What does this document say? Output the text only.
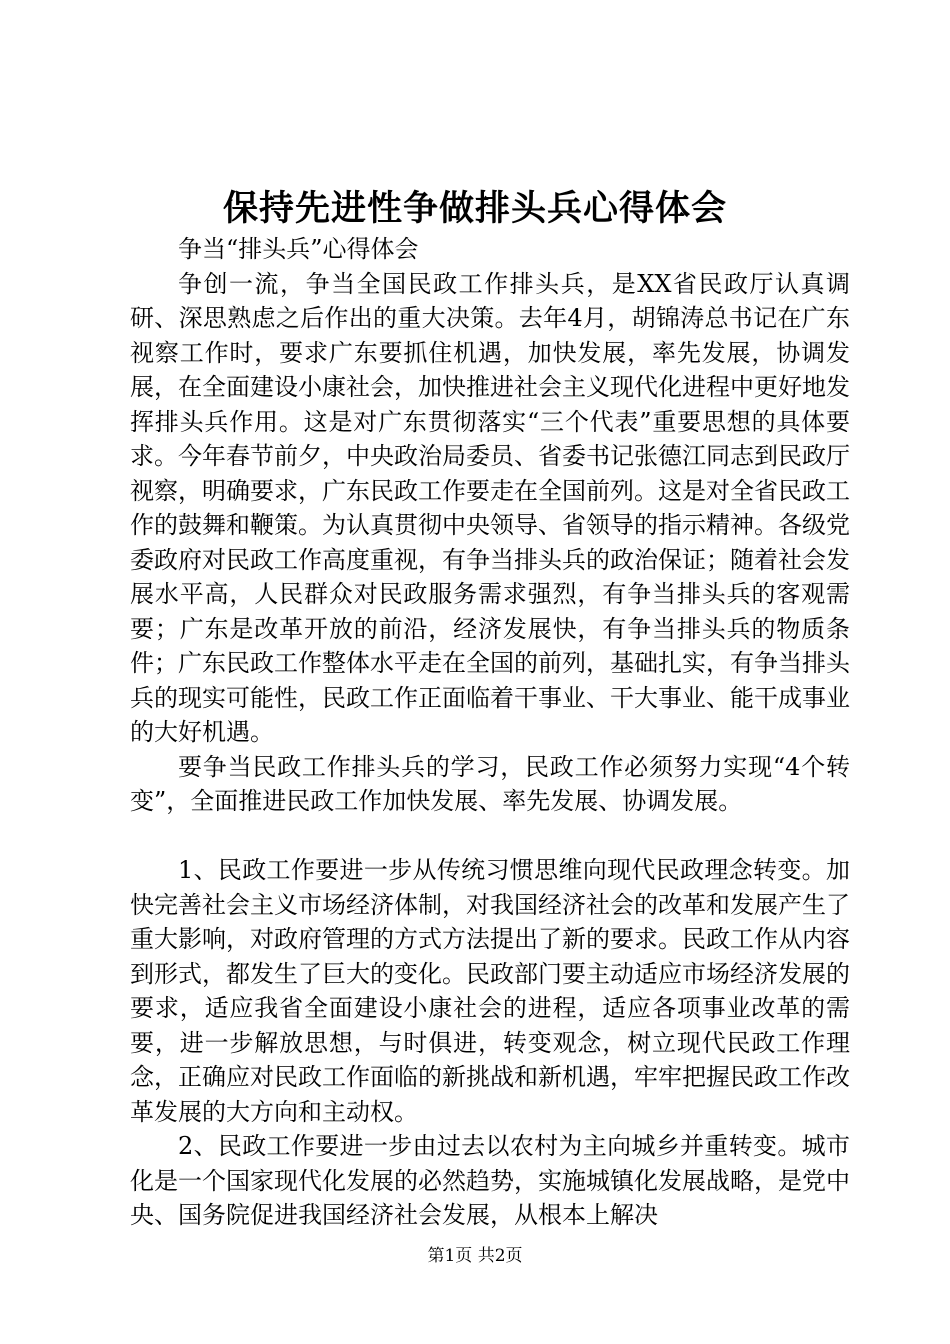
保持先进性争做排头兵心得体会

争当“排头兵”心得体会

争创一流，争当全国民政工作排头兵，是XX省民政厅认真调研、深思熟虑之后作出的重大决策。去年4月，胡锦涛总书记在广东视察工作时，要求广东要抓住机遇，加快发展，率先发展，协调发展，在全面建设小康社会，加快推进社会主义现代化进程中更好地发挥排头兵作用。这是对广东贯彻落实“三个代表”重要思想的具体要求。今年春节前夕，中央政治局委员、省委书记张德江同志到民政厅视察，明确要求，广东民政工作要走在全国前列。这是对全省民政工作的鼓舞和鞭策。为认真贯彻中央领导、省领导的指示精神。各级党委政府对民政工作高度重视，有争当排头兵的政治保证；随着社会发展水平高，人民群众对民政服务需求强烈，有争当排头兵的客观需要；广东是改革开放的前沿，经济发展快，有争当排头兵的物质条件；广东民政工作整体水平走在全国的前列，基础扎实，有争当排头兵的现实可能性，民政工作正面临着干事业、干大事业、能干成事业的大好机遇。

要争当民政工作排头兵的学习，民政工作必须努力实现“4个转变”，全面推进民政工作加快发展、率先发展、协调发展。

1、民政工作要进一步从传统习惯思维向现代民政理念转变。加快完善社会主义市场经济体制，对我国经济社会的改革和发展产生了重大影响，对政府管理的方式方法提出了新的要求。民政工作从内容到形式，都发生了巨大的变化。民政部门要主动适应市场经济发展的要求，适应我省全面建设小康社会的进程，适应各项事业改革的需要，进一步解放思想，与时俱进，转变观念，树立现代民政工作理念，正确应对民政工作面临的新挑战和新机遇，牢牢把握民政工作改革发展的大方向和主动权。

2、民政工作要进一步由过去以农村为主向城乡并重转变。城市化是一个国家现代化发展的必然趋势，实施城镇化发展战略，是党中央、国务院促进我国经济社会发展，从根本上解决

第1页 共2页
